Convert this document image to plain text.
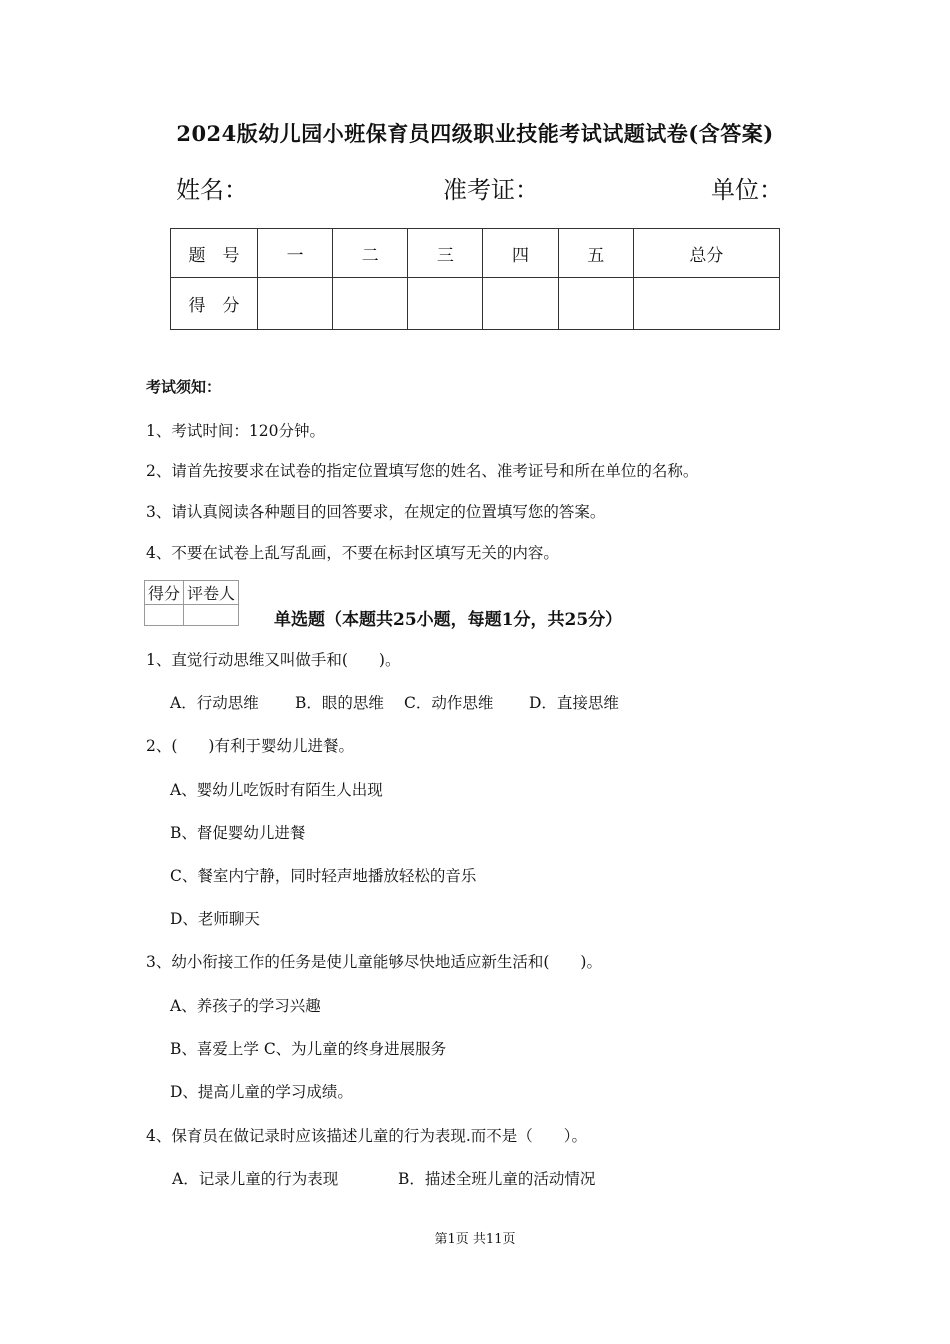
2024版幼儿园小班保育员四级职业技能考试试题试卷(含答案)
姓名：	准考证：	单位：
题　号	一	二	三	四	五	总分
得　分						
考试须知：
1、考试时间：120分钟。
2、请首先按要求在试卷的指定位置填写您的姓名、准考证号和所在单位的名称。
3、请认真阅读各种题目的回答要求，在规定的位置填写您的答案。
4、不要在试卷上乱写乱画，不要在标封区填写无关的内容。
得分	评卷人

单选题（本题共25小题，每题1分，共25分）
1、直觉行动思维又叫做手和(　　)。
A．行动思维 B．眼的思维 C．动作思维 D．直接思维
2、(　　)有利于婴幼儿进餐。
A、婴幼儿吃饭时有陌生人出现
B、督促婴幼儿进餐
C、餐室内宁静，同时轻声地播放轻松的音乐
D、老师聊天
3、幼小衔接工作的任务是使儿童能够尽快地适应新生活和(　　)。
A、养孩子的学习兴趣
B、喜爱上学 C、为儿童的终身进展服务
D、提高儿童的学习成绩。
4、保育员在做记录时应该描述儿童的行为表现.而不是（　　）。
A．记录儿童的行为表现	B．描述全班儿童的活动情况
第1页 共11页
